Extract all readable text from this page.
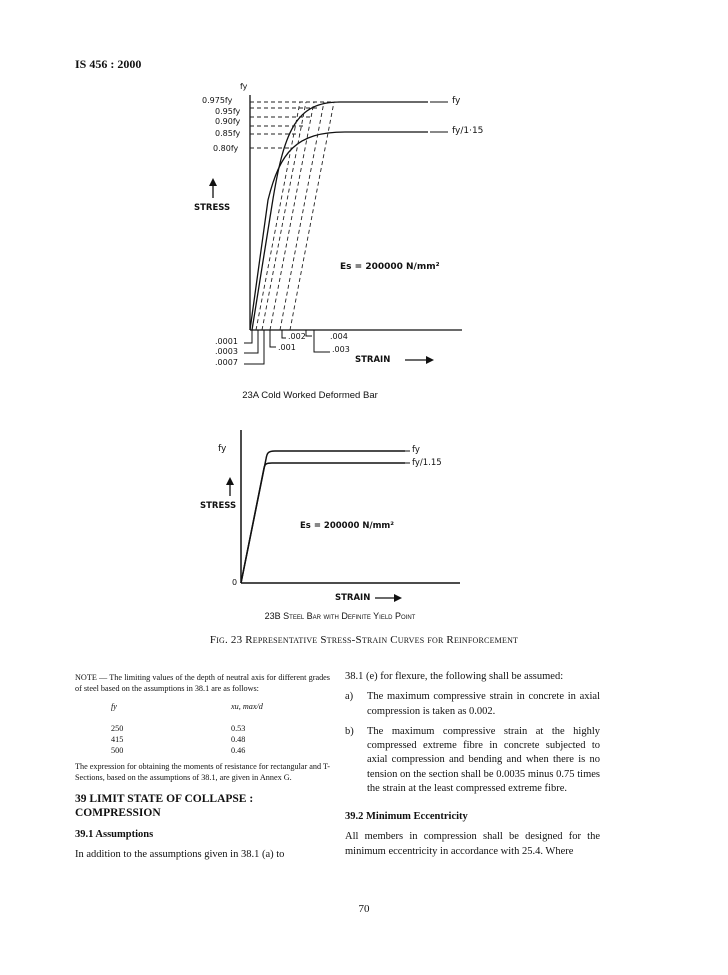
IS 456 : 2000
fy
0.975fy
0.95fy
0.90fy
0.85fy
0.80fy
fy
fy/1·15
STRESS
Es = 200000 N/mm²
.0001
.0003
.0007
.002	.004
.001	.003
STRAIN
23A Cold Worked Deformed Bar
fy	fy
fy/1.15
STRESS
Es = 200000 N/mm²
0
STRAIN
23B Steel Bar with Definite Yield Point
Fig. 23 Representative Stress-Strain Curves for Reinforcement
NOTE — The limiting values of the depth of neutral axis for different grades of steel based on the assumptions in 38.1 are as follows:
fy	xu, max/d

250	0.53
415	0.48
500	0.46
The expression for obtaining the moments of resistance for rectangular and T-Sections, based on the assumptions of 38.1, are given in Annex G.
39 LIMIT STATE OF COLLAPSE : COMPRESSION
39.1 Assumptions
In addition to the assumptions given in 38.1 (a) to
38.1 (e) for flexure, the following shall be assumed:
a)	The maximum compressive strain in concrete in axial compression is taken as 0.002.
b)	The maximum compressive strain at the highly compressed extreme fibre in concrete subjected to axial compression and bending and when there is no tension on the section shall be 0.0035 minus 0.75 times the strain at the least compressed extreme fibre.
39.2 Minimum Eccentricity
All members in compression shall be designed for the minimum eccentricity in accordance with 25.4. Where
70
